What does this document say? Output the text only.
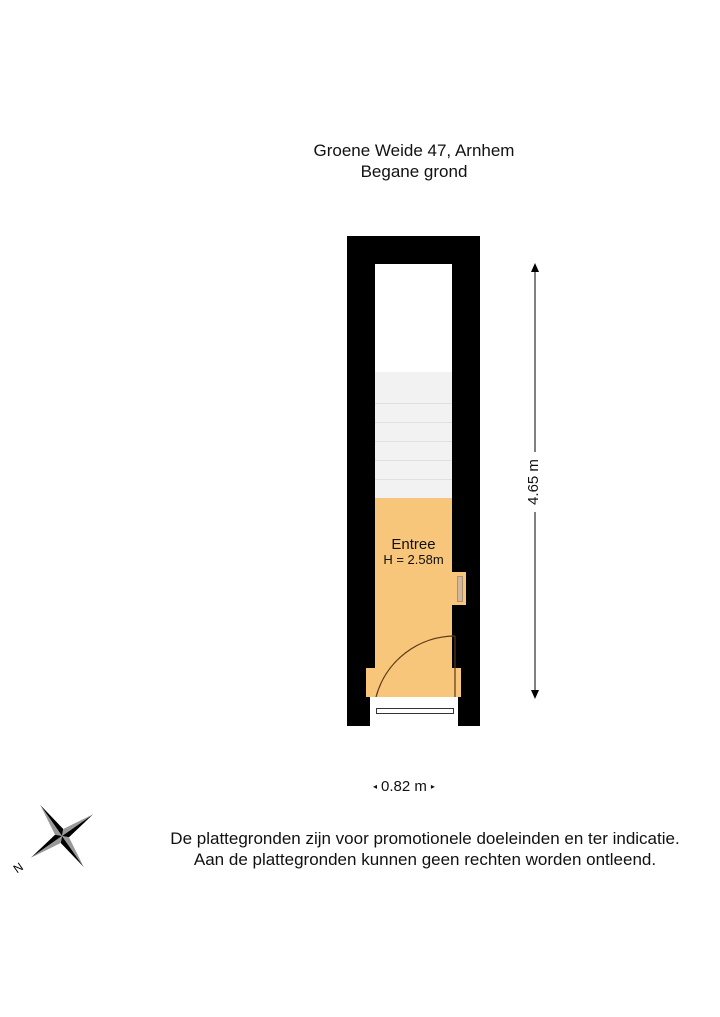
Groene Weide 47, Arnhem
Begane grond
Entree
H = 2.58m
4.65 m
◂ 0.82 m ▸
N
De plattegronden zijn voor promotionele doeleinden en ter indicatie.
Aan de plattegronden kunnen geen rechten worden ontleend.
